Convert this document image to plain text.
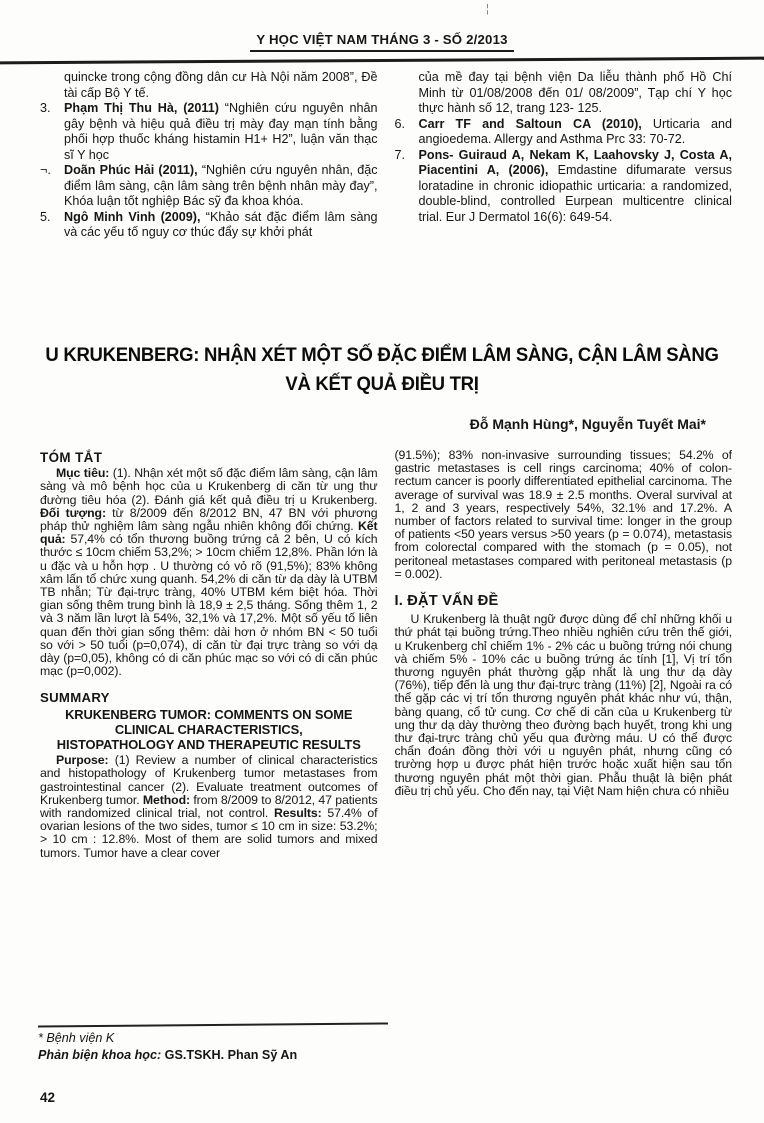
¦
Y HỌC VIỆT NAM THÁNG 3 - SỐ 2/2013
quincke trong cộng đồng dân cư Hà Nội năm 2008”, Đề tài cấp Bộ Y tế.
3.	Phạm Thị Thu Hà, (2011) “Nghiên cứu nguyên nhân gây bệnh và hiệu quả điều trị mày đay mạn tính bằng phối hợp thuốc kháng histamin H1+ H2”, luận văn thạc sĩ Y học
¬.	Doãn Phúc Hải (2011), “Nghiên cứu nguyên nhân, đặc điểm lâm sàng, cận lâm sàng trên bệnh nhân mày đay”, Khóa luận tốt nghiệp Bác sỹ đa khoa khóa.
5.	Ngô Minh Vinh (2009), “Khảo sát đặc điểm lâm sàng và các yếu tố nguy cơ thúc đẩy sự khởi phát
của mề đay tại bệnh viện Da liễu thành phố Hồ Chí Minh từ 01/08/2008 đến 01/ 08/2009”, Tạp chí Y học thực hành số 12, trang 123- 125.
6.	Carr TF and Saltoun CA (2010), Urticaria and angioedema. Allergy and Asthma Prc 33: 70-72.
7.	Pons- Guiraud A, Nekam K, Laahovsky J, Costa A, Piacentini A, (2006), Emdastine difumarate versus loratadine in chronic idiopathic urticaria: a randomized, double-blind, controlled Eurpean multicentre clinical trial. Eur J Dermatol 16(6): 649-54.
U KRUKENBERG: NHẬN XÉT MỘT SỐ ĐẶC ĐIỂM LÂM SÀNG, CẬN LÂM SÀNG
VÀ KẾT QUẢ ĐIỀU TRỊ
Đỗ Mạnh Hùng*, Nguyễn Tuyết Mai*
TÓM TẮT

Mục tiêu: (1). Nhận xét một số đặc điểm lâm sàng, cận lâm sàng và mô bệnh học của u Krukenberg di căn từ ung thư đường tiêu hóa (2). Đánh giá kết quả điều trị u Krukenberg. Đối tượng: từ 8/2009 đến 8/2012 BN, 47 BN với phương pháp thử nghiệm lâm sàng ngẫu nhiên không đối chứng. Kết quả: 57,4% có tổn thương buồng trứng cả 2 bên, U có kích thước ≤ 10cm chiếm 53,2%; > 10cm chiếm 12,8%. Phần lớn là u đặc và u hỗn hợp . U thường có vỏ rõ (91,5%); 83% không xâm lấn tổ chức xung quanh. 54,2% di căn từ dạ dày là UTBM TB nhẫn; Từ đại-trực tràng, 40% UTBM kém biệt hóa. Thời gian sống thêm trung bình là 18,9 ± 2,5 tháng. Sống thêm 1, 2 và 3 năm lần lượt là 54%, 32,1% và 17,2%. Một số yếu tố liên quan đến thời gian sống thêm: dài hơn ở nhóm BN < 50 tuổi so với > 50 tuổi (p=0,074), di căn từ đại trực tràng so với dạ dày (p=0,05), không có di căn phúc mạc so với có di căn phúc mạc (p=0,002).

SUMMARY
KRUKENBERG TUMOR: COMMENTS ON SOME
CLINICAL CHARACTERISTICS,
HISTOPATHOLOGY AND THERAPEUTIC RESULTS

Purpose: (1) Review a number of clinical characteristics and histopathology of Krukenberg tumor metastases from gastrointestinal cancer (2). Evaluate treatment outcomes of Krukenberg tumor. Method: from 8/2009 to 8/2012, 47 patients with randomized clinical trial, not control. Results: 57.4% of ovarian lesions of the two sides, tumor ≤ 10 cm in size: 53.2%; > 10 cm : 12.8%. Most of them are solid tumors and mixed tumors. Tumor have a clear cover

(91.5%); 83% non-invasive surrounding tissues; 54.2% of gastric metastases is cell rings carcinoma; 40% of colon-rectum cancer is poorly differentiated epithelial carcinoma. The average of survival was 18.9 ± 2.5 months. Overal survival at 1, 2 and 3 years, respectively 54%, 32.1% and 17.2%. A number of factors related to survival time: longer in the group of patients <50 years versus >50 years (p = 0.074), metastasis from colorectal compared with the stomach (p = 0.05), not peritoneal metastases compared with peritoneal metastasis (p = 0.002).

I. ĐẶT VẤN ĐỀ

U Krukenberg là thuật ngữ được dùng để chỉ những khối u thứ phát tại buồng trứng.Theo nhiều nghiên cứu trên thế giới, u Krukenberg chỉ chiếm 1% - 2% các u buồng trứng nói chung và chiếm 5% - 10% các u buồng trứng ác tính [1], Vị trí tổn thương nguyên phát thường gặp nhất là ung thư dạ dày (76%), tiếp đến là ung thư đại-trực tràng (11%) [2], Ngoài ra có thể gặp các vị trí tổn thương nguyên phát khác như vú, thận, bàng quang, cổ tử cung. Cơ chế di căn của u Krukenberg từ ung thư dạ dày thường theo đường bạch huyết, trong khi ung thư đại-trực tràng chủ yếu qua đường máu. U có thể được chẩn đoán đồng thời với u nguyên phát, nhưng cũng có trường hợp u được phát hiện trước hoặc xuất hiện sau tổn thương nguyên phát một thời gian. Phẫu thuật là biện phát điều trị chủ yếu. Cho đến nay, tại Việt Nam hiện chưa có nhiều

* Bệnh viện K
Phản biện khoa học: GS.TSKH. Phan Sỹ An
42
